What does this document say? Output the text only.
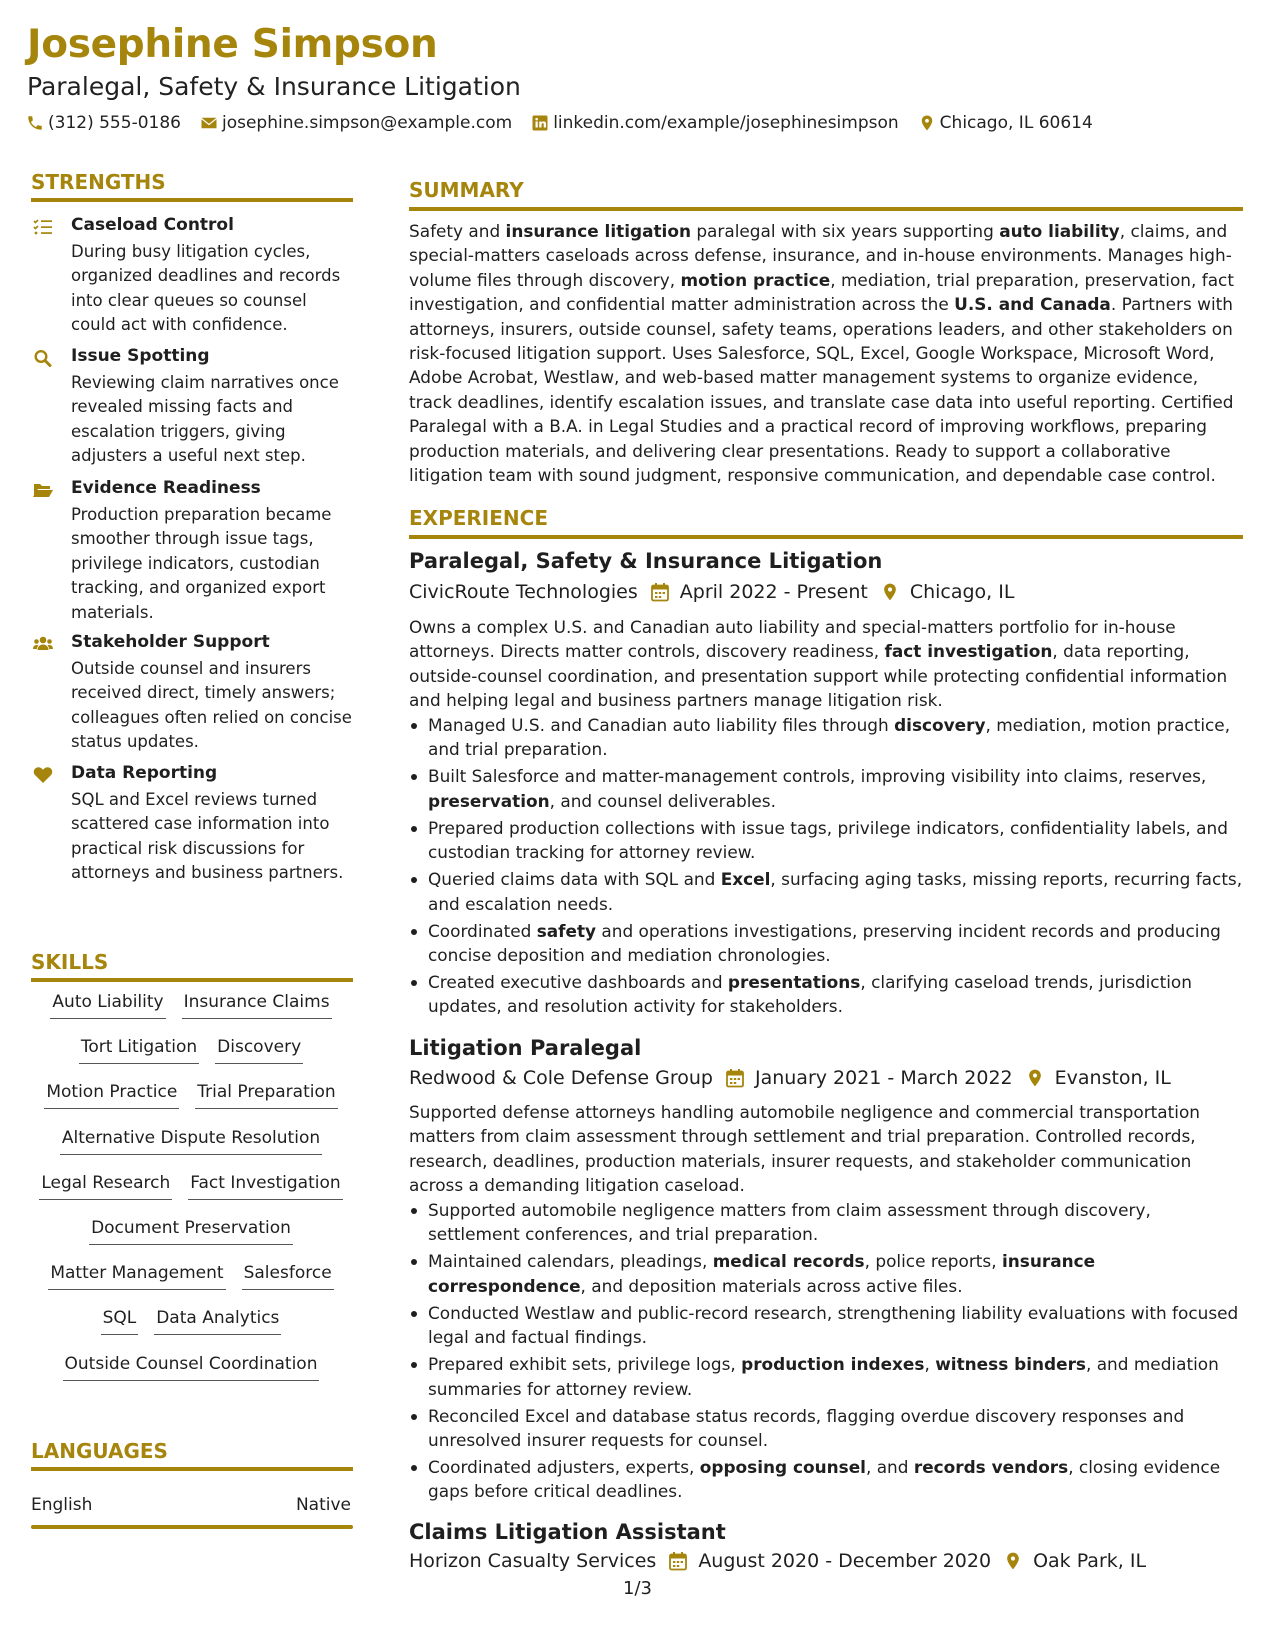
Josephine Simpson
Paralegal, Safety & Insurance Litigation
(312) 555-0186 josephine.simpson@example.com linkedin.com/example/josephinesimpson Chicago, IL 60614
STRENGTHS
Caseload Control
During busy litigation cycles, organized deadlines and records into clear queues so counsel could act with confidence.
Issue Spotting
Reviewing claim narratives once revealed missing facts and escalation triggers, giving adjusters a useful next step.
Evidence Readiness
Production preparation became smoother through issue tags, privilege indicators, custodian tracking, and organized export materials.
Stakeholder Support
Outside counsel and insurers received direct, timely answers; colleagues often relied on concise status updates.
Data Reporting
SQL and Excel reviews turned scattered case information into practical risk discussions for attorneys and business partners.
SKILLS
Auto Liability Insurance Claims
Tort Litigation Discovery
Motion Practice Trial Preparation
Alternative Dispute Resolution
Legal Research Fact Investigation
Document Preservation
Matter Management Salesforce
SQL Data Analytics
Outside Counsel Coordination
LANGUAGES
English	Native
SUMMARY
Safety and insurance litigation paralegal with six years supporting auto liability, claims, and special-matters caseloads across defense, insurance, and in-house environments. Manages high-volume files through discovery, motion practice, mediation, trial preparation, preservation, fact investigation, and confidential matter administration across the U.S. and Canada. Partners with attorneys, insurers, outside counsel, safety teams, operations leaders, and other stakeholders on risk-focused litigation support. Uses Salesforce, SQL, Excel, Google Workspace, Microsoft Word, Adobe Acrobat, Westlaw, and web-based matter management systems to organize evidence, track deadlines, identify escalation issues, and translate case data into useful reporting. Certified Paralegal with a B.A. in Legal Studies and a practical record of improving workflows, preparing production materials, and delivering clear presentations. Ready to support a collaborative litigation team with sound judgment, responsive communication, and dependable case control.
EXPERIENCE
Paralegal, Safety & Insurance Litigation
CivicRoute Technologies April 2022 - Present Chicago, IL
Owns a complex U.S. and Canadian auto liability and special-matters portfolio for in-house attorneys. Directs matter controls, discovery readiness, fact investigation, data reporting, outside-counsel coordination, and presentation support while protecting confidential information and helping legal and business partners manage litigation risk.
Managed U.S. and Canadian auto liability files through discovery, mediation, motion practice, and trial preparation.
Built Salesforce and matter-management controls, improving visibility into claims, reserves, preservation, and counsel deliverables.
Prepared production collections with issue tags, privilege indicators, confidentiality labels, and custodian tracking for attorney review.
Queried claims data with SQL and Excel, surfacing aging tasks, missing reports, recurring facts, and escalation needs.
Coordinated safety and operations investigations, preserving incident records and producing concise deposition and mediation chronologies.
Created executive dashboards and presentations, clarifying caseload trends, jurisdiction updates, and resolution activity for stakeholders.
Litigation Paralegal
Redwood & Cole Defense Group January 2021 - March 2022 Evanston, IL
Supported defense attorneys handling automobile negligence and commercial transportation matters from claim assessment through settlement and trial preparation. Controlled records, research, deadlines, production materials, insurer requests, and stakeholder communication across a demanding litigation caseload.
Supported automobile negligence matters from claim assessment through discovery, settlement conferences, and trial preparation.
Maintained calendars, pleadings, medical records, police reports, insurance correspondence, and deposition materials across active files.
Conducted Westlaw and public-record research, strengthening liability evaluations with focused legal and factual findings.
Prepared exhibit sets, privilege logs, production indexes, witness binders, and mediation summaries for attorney review.
Reconciled Excel and database status records, flagging overdue discovery responses and unresolved insurer requests for counsel.
Coordinated adjusters, experts, opposing counsel, and records vendors, closing evidence gaps before critical deadlines.
Claims Litigation Assistant
Horizon Casualty Services August 2020 - December 2020 Oak Park, IL
1/3
